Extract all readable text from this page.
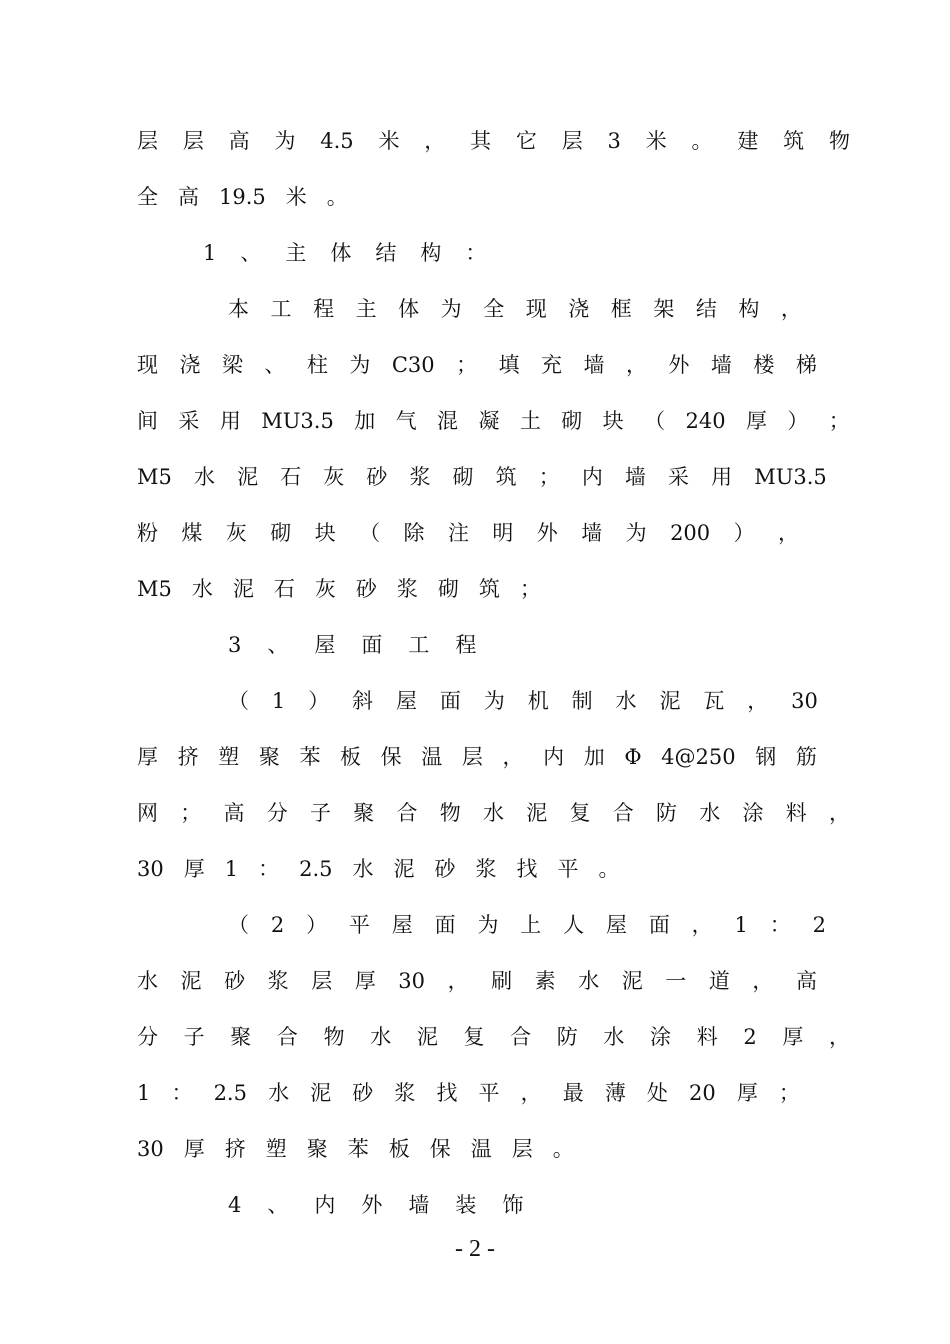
层 层 高 为 4.5 米 ， 其 它 层 3 米 。 建 筑 物
全 高 19.5 米 。
1 、 主 体 结 构 ：
本 工 程 主 体 为 全 现 浇 框 架 结 构 ，
现 浇 梁 、 柱 为 C30 ； 填 充 墙 ， 外 墙 楼 梯
间 采 用 MU3.5 加 气 混 凝 土 砌 块 （ 240 厚 ） ；
M5 水 泥 石 灰 砂 浆 砌 筑 ； 内 墙 采 用 MU3.5
粉 煤 灰 砌 块 （ 除 注 明 外 墙 为 200 ） ，
M5 水 泥 石 灰 砂 浆 砌 筑 ；
3 、 屋 面 工 程
（ 1 ） 斜 屋 面 为 机 制 水 泥 瓦 ， 30
厚 挤 塑 聚 苯 板 保 温 层 ， 内 加 Φ 4@250 钢 筋
网 ； 高 分 子 聚 合 物 水 泥 复 合 防 水 涂 料 ，
30 厚 1 ： 2.5 水 泥 砂 浆 找 平 。
（ 2 ） 平 屋 面 为 上 人 屋 面 ， 1 ： 2
水 泥 砂 浆 层 厚 30 ， 刷 素 水 泥 一 道 ， 高
分 子 聚 合 物 水 泥 复 合 防 水 涂 料 2 厚 ，
1 ： 2.5 水 泥 砂 浆 找 平 ， 最 薄 处 20 厚 ；
30 厚 挤 塑 聚 苯 板 保 温 层 。
4 、 内 外 墙 装 饰
- 2 -
